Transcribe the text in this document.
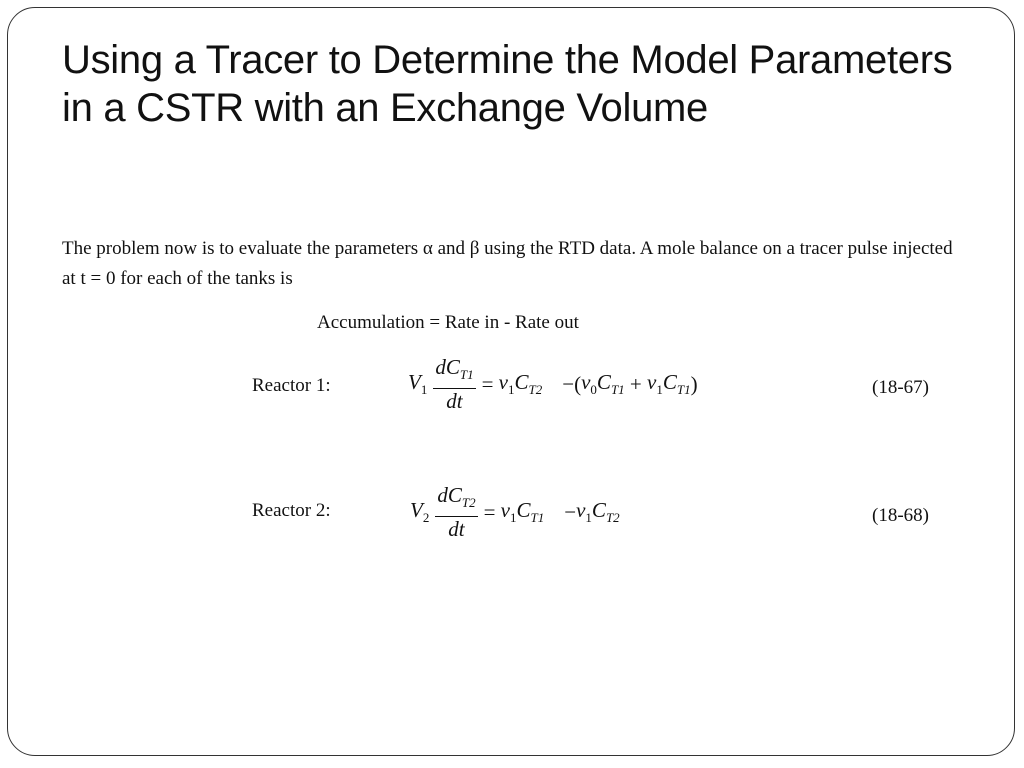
Using a Tracer to Determine the Model Parameters in a CSTR with an Exchange Volume
The problem now is to evaluate the parameters α and β using the RTD data. A mole balance on a tracer pulse injected at t = 0 for each of the tanks is
Accumulation = Rate in - Rate out
Reactor 1:	$V_1 \frac{dC_{T1}}{dt} = v_1C_{T2}$ −( $v_0C_{T1} + v_1C_{T1}$ )	(18-67)
Reactor 2:	$V_2 \frac{dC_{T2}}{dt} = v_1C_{T1} - v_1C_{T2}$	(18-68)
